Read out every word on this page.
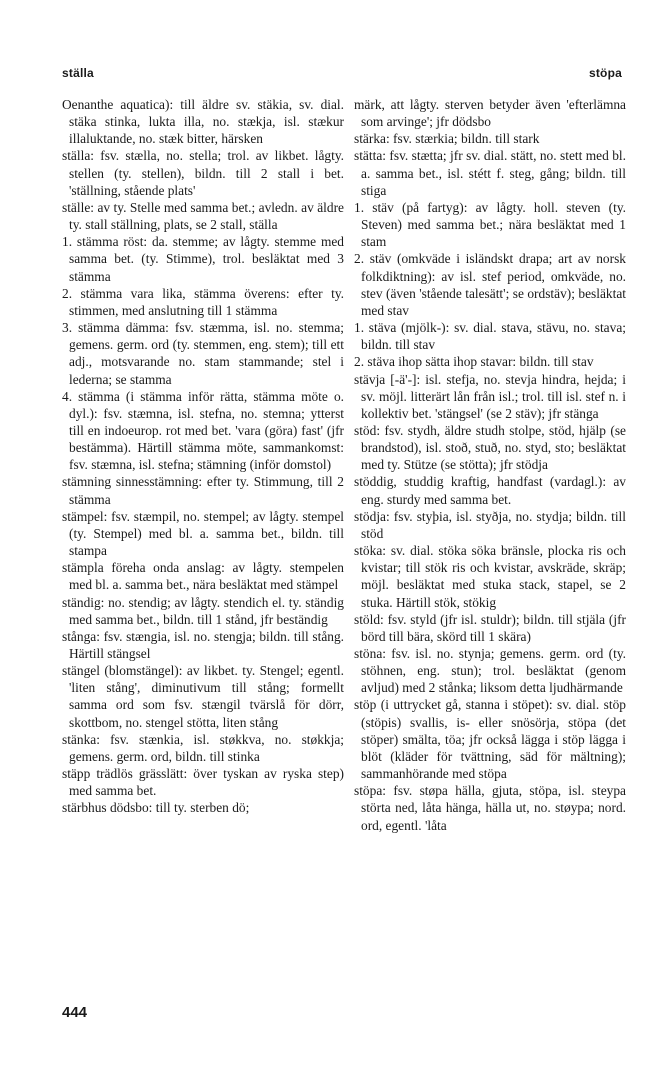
ställa	stöpa

Oenanthe aquatica): till äldre sv. stäkia, sv. dial. stäka stinka, lukta illa, no. stækja, isl. stækur illaluktande, no. stæk bitter, härsken

ställa: fsv. stælla, no. stella; trol. av likbet. lågty. stellen (ty. stellen), bildn. till 2 stall i bet. 'ställning, stående plats'

ställe: av ty. Stelle med samma bet.; avledn. av äldre ty. stall ställning, plats, se 2 stall, ställa

1. stämma röst: da. stemme; av lågty. stemme med samma bet. (ty. Stimme), trol. besläktat med 3 stämma

2. stämma vara lika, stämma överens: efter ty. stimmen, med anslutning till 1 stämma

3. stämma dämma: fsv. stæmma, isl. no. stemma; gemens. germ. ord (ty. stemmen, eng. stem); till ett adj., motsvarande no. stam stammande; stel i lederna; se stamma

4. stämma (i stämma inför rätta, stämma möte o. dyl.): fsv. stæmna, isl. stefna, no. stemna; ytterst till en indoeurop. rot med bet. 'vara (göra) fast' (jfr bestämma). Härtill stämma möte, sammankomst: fsv. stæmna, isl. stefna; stämning (inför domstol)

stämning sinnesstämning: efter ty. Stimmung, till 2 stämma

stämpel: fsv. stæmpil, no. stempel; av lågty. stempel (ty. Stempel) med bl. a. samma bet., bildn. till stampa

stämpla föreha onda anslag: av lågty. stempelen med bl. a. samma bet., nära besläktat med stämpel

ständig: no. stendig; av lågty. stendich el. ty. ständig med samma bet., bildn. till 1 stånd, jfr beständig

stånga: fsv. stængia, isl. no. stengja; bildn. till stång. Härtill stängsel

stängel (blomstängel): av likbet. ty. Stengel; egentl. 'liten stång', diminutivum till stång; formellt samma ord som fsv. stængil tvärslå för dörr, skottbom, no. stengel stötta, liten stång

stänka: fsv. stænkia, isl. støkkva, no. støkkja; gemens. germ. ord, bildn. till stinka

stäpp trädlös grässlätt: över tyskan av ryska step) med samma bet.

stärbhus dödsbo: till ty. sterben dö;

märk, att lågty. sterven betyder även 'efterlämna som arvinge'; jfr dödsbo

stärka: fsv. stærkia; bildn. till stark

stätta: fsv. stætta; jfr sv. dial. stätt, no. stett med bl. a. samma bet., isl. stétt f. steg, gång; bildn. till stiga

1. stäv (på fartyg): av lågty. holl. steven (ty. Steven) med samma bet.; nära besläktat med 1 stam

2. stäv (omkväde i isländskt drapa; art av norsk folkdiktning): av isl. stef period, omkväde, no. stev (även 'stående talesätt'; se ordstäv); besläktat med stav

1. stäva (mjölk-): sv. dial. stava, stävu, no. stava; bildn. till stav

2. stäva ihop sätta ihop stavar: bildn. till stav

stävja [-ä'-]: isl. stefja, no. stevja hindra, hejda; i sv. möjl. litterärt lån från isl.; trol. till isl. stef n. i kollektiv bet. 'stängsel' (se 2 stäv); jfr stänga

stöd: fsv. stydh, äldre studh stolpe, stöd, hjälp (se brandstod), isl. stoð, stuð, no. styd, sto; besläktat med ty. Stütze (se stötta); jfr stödja

stöddig, studdig kraftig, handfast (vardagl.): av eng. sturdy med samma bet.

stödja: fsv. styþia, isl. styðja, no. stydja; bildn. till stöd

stöka: sv. dial. stöka söka bränsle, plocka ris och kvistar; till stök ris och kvistar, avskräde, skräp; möjl. besläktat med stuka stack, stapel, se 2 stuka. Härtill stök, stökig

stöld: fsv. styld (jfr isl. stuldr); bildn. till stjäla (jfr börd till bära, skörd till 1 skära)

stöna: fsv. isl. no. stynja; gemens. germ. ord (ty. stöhnen, eng. stun); trol. besläktat (genom avljud) med 2 stånka; liksom detta ljudhärmande

stöp (i uttrycket gå, stanna i stöpet): sv. dial. stöp (stöpis) svallis, is- eller snösörja, stöpa (det stöper) smälta, töa; jfr också lägga i stöp lägga i blöt (kläder för tvättning, säd för mältning); sammanhörande med stöpa

stöpa: fsv. støpa hälla, gjuta, stöpa, isl. steypa störta ned, låta hänga, hälla ut, no. støypa; nord. ord, egentl. 'låta

444
